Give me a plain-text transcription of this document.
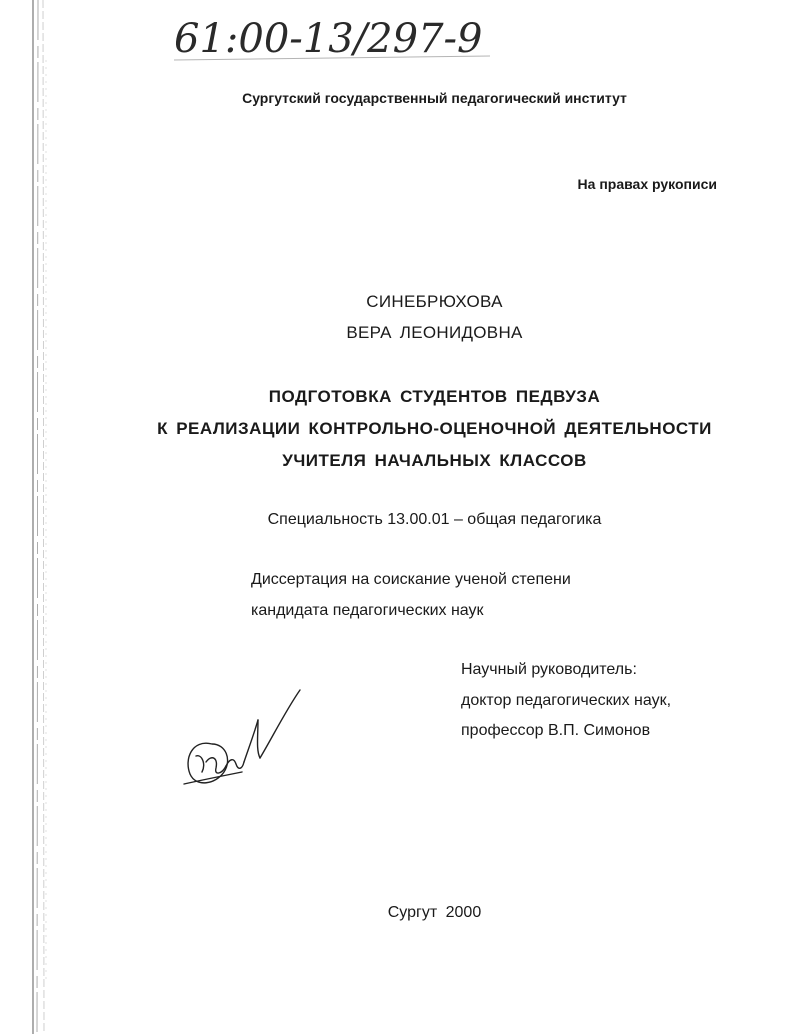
61:00-13/297-9
Сургутский государственный педагогический институт
На правах рукописи
СИНЕБРЮХОВА
ВЕРА ЛЕОНИДОВНА
ПОДГОТОВКА СТУДЕНТОВ ПЕДВУЗА
К РЕАЛИЗАЦИИ КОНТРОЛЬНО-ОЦЕНОЧНОЙ ДЕЯТЕЛЬНОСТИ
УЧИТЕЛЯ НАЧАЛЬНЫХ КЛАССОВ
Специальность 13.00.01 – общая педагогика
Диссертация на соискание ученой степени
кандидата педагогических наук
Научный руководитель:
доктор педагогических наук,
профессор В.П. Симонов
Сургут 2000
